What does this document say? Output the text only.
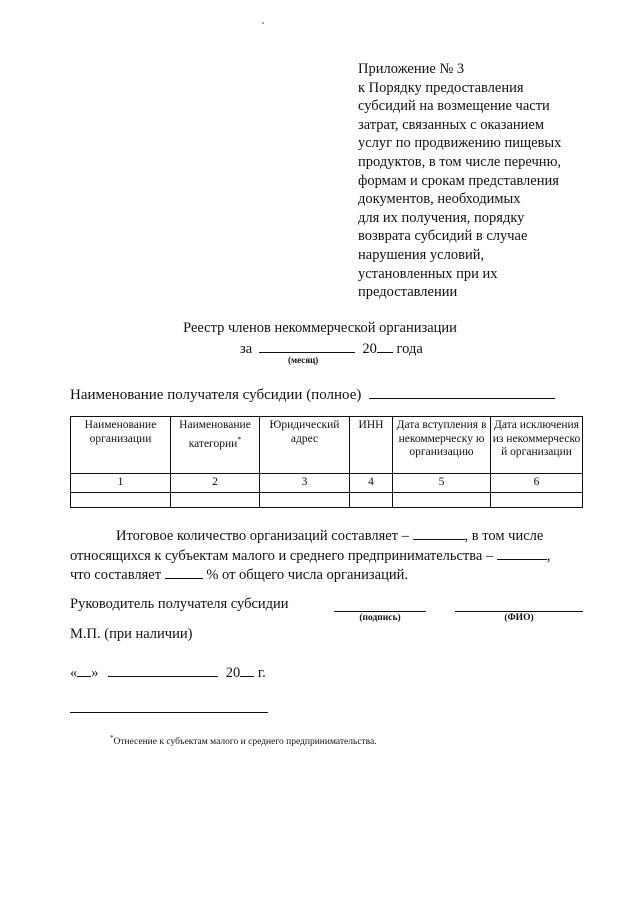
Приложение № 3
к Порядку предоставления
субсидий на возмещение части
затрат, связанных с оказанием
услуг по продвижению пищевых
продуктов, в том числе перечню,
формам и срокам представления
документов, необходимых
для их получения, порядку
возврата субсидий в случае
нарушения условий,
установленных при их
предоставлении
Реестр членов некоммерческой организации
за	20 года
(месяц)
Наименование получателя субсидии (полное)
Наименование организации	Наименование категории*	Юридический адрес	ИНН	Дата вступления в некоммерческу ю организацию	Дата исключения из некоммерческо й организации
1	2	3	4	5	6

Итоговое количество организаций составляет –	, в том числе

относящихся к субъектам малого и среднего предпринимательства –	,

что составляет	% от общего числа организаций.

Руководитель получателя субсидии
(подпись)	(ФИО)
М.П. (при наличии)
« »	20 г.
*Отнесение к субъектам малого и среднего предпринимательства.
